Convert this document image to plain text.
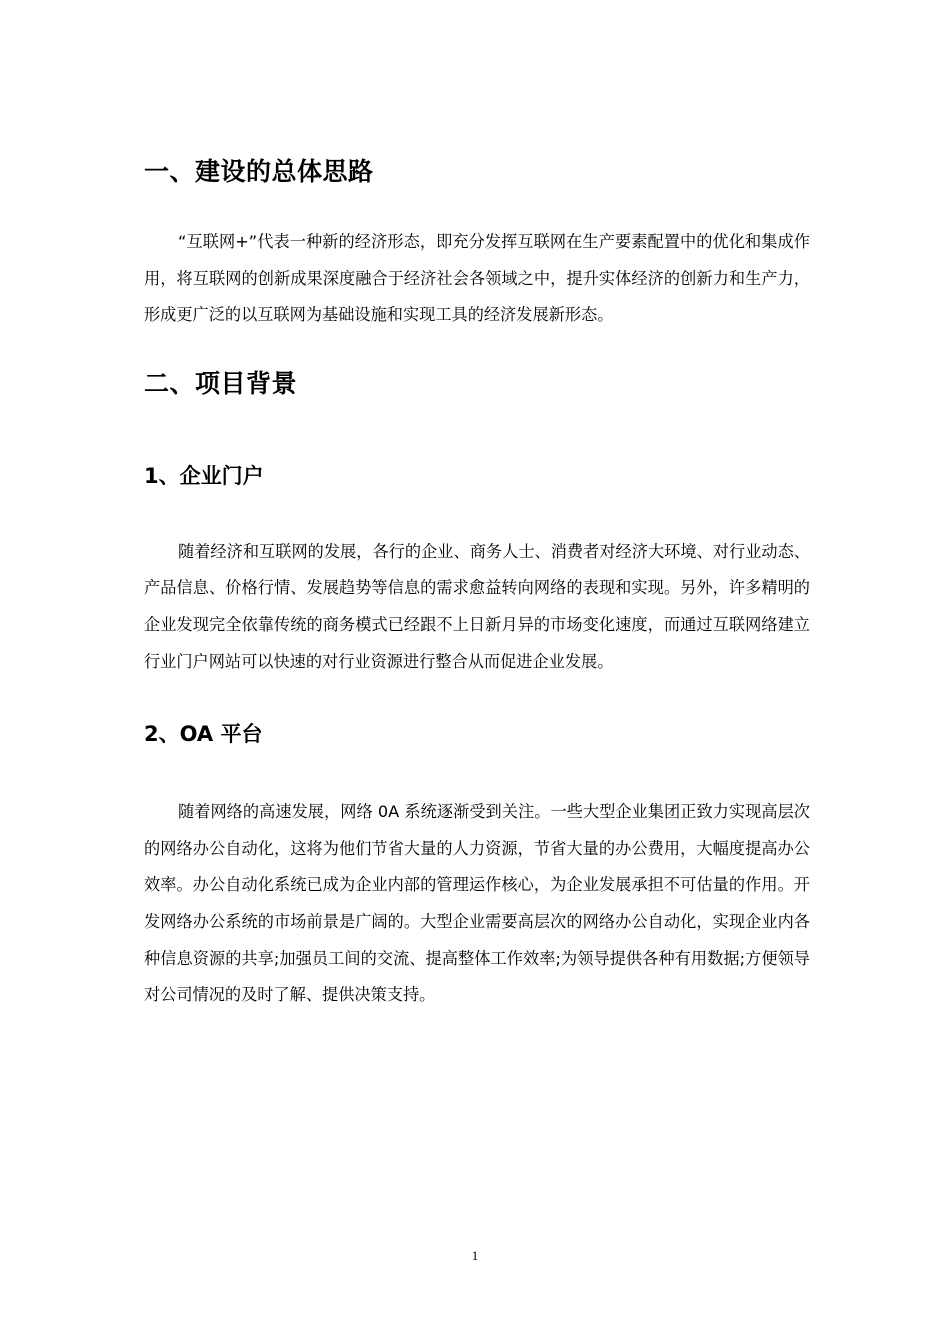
一、建设的总体思路

“互联网+”代表一种新的经济形态，即充分发挥互联网在生产要素配置中的优化和集成作用，将互联网的创新成果深度融合于经济社会各领域之中，提升实体经济的创新力和生产力，形成更广泛的以互联网为基础设施和实现工具的经济发展新形态。

二、项目背景
1、企业门户

随着经济和互联网的发展，各行的企业、商务人士、消费者对经济大环境、对行业动态、产品信息、价格行情、发展趋势等信息的需求愈益转向网络的表现和实现。另外，许多精明的企业发现完全依靠传统的商务模式已经跟不上日新月异的市场变化速度，而通过互联网络建立行业门户网站可以快速的对行业资源进行整合从而促进企业发展。

2、OA 平台

随着网络的高速发展，网络 0A 系统逐渐受到关注。一些大型企业集团正致力实现高层次的网络办公自动化，这将为他们节省大量的人力资源，节省大量的办公费用，大幅度提高办公效率。办公自动化系统已成为企业内部的管理运作核心，为企业发展承担不可估量的作用。开发网络办公系统的市场前景是广阔的。大型企业需要高层次的网络办公自动化，实现企业内各种信息资源的共享;加强员工间的交流、提高整体工作效率;为领导提供各种有用数据;方便领导对公司情况的及时了解、提供决策支持。

1
